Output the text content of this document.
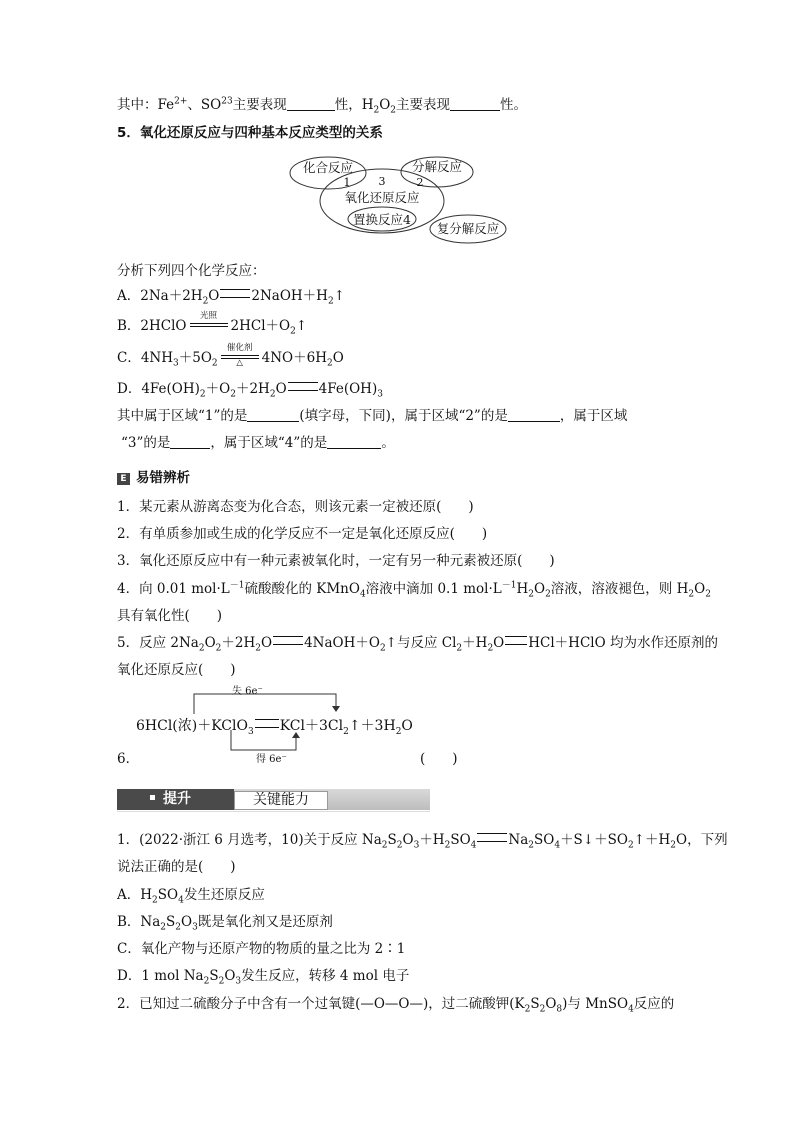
其中：$Fe^{2+}$、SO$^{23}$主要表现	性，$H_2O_2$主要表现	性。
5．氧化还原反应与四种基本反应类型的关系
化合反应	分解反应
1	3	2
氧化还原反应
置换反应4
复分解反应
分析下列四个化学反应：
A．$2Na+2H_2O$ $2NaOH+H_2↑$
B．2HClO
光照
$2HCl+O_2↑$
C．$4NH_3+5O_2$
催化剂
△	$4NO+6H_2O$
D．$4Fe(OH)_2+O_2+2H_2O$ $4Fe(OH)_3$
其中属于区域“1”的是	(填字母，下同)，属于区域“2”的是	，属于区域
“3”的是	，属于区域“4”的是	。
E 易错辨析
1．某元素从游离态变为化合态，则该元素一定被还原(　　)
2．有单质参加或生成的化学反应不一定是氧化还原反应(　　)
3．氧化还原反应中有一种元素被氧化时，一定有另一种元素被还原(　　)
4．向 0.01 $mol\cdot L^{-1}$硫酸酸化的 KMnO$_4$溶液中滴加 0.1 $mol\cdot L^{-1}H_2O_2$溶液，溶液褪色，则 $H_2O_2$
具有氧化性(　　)
5．反应 $2Na_2O_2+2H_2O$ $4NaOH+O_2↑$与反应 $Cl_2+H_2O$ HCl＋HClO 均为水作还原剂的
氧化还原反应(　　)
失 6e⁻
得 6e⁻
6HCl(浓)＋KClO$_3$ $KCl+3Cl_2↑+3H_2O$
6．	(　　)
提升	关键能力
1．(2022·浙江 6 月选考，10)关于反应 $Na_2S_2O_3+H_2SO_4$ $Na_2SO_4+S↓+SO_2↑+H_2O$，下列
说法正确的是(　　)
A．$H_2SO_4$发生还原反应
B．$Na_2S_2O_3$既是氧化剂又是还原剂
C．氧化产物与还原产物的物质的量之比为 2∶1
D．1 mol $Na_2S_2O_3$发生反应，转移 4 mol 电子
2．已知过二硫酸分子中含有一个过氧键(—O—O—)，过二硫酸钾$(K_2S_2O_8)$与 MnSO$_4$反应的
